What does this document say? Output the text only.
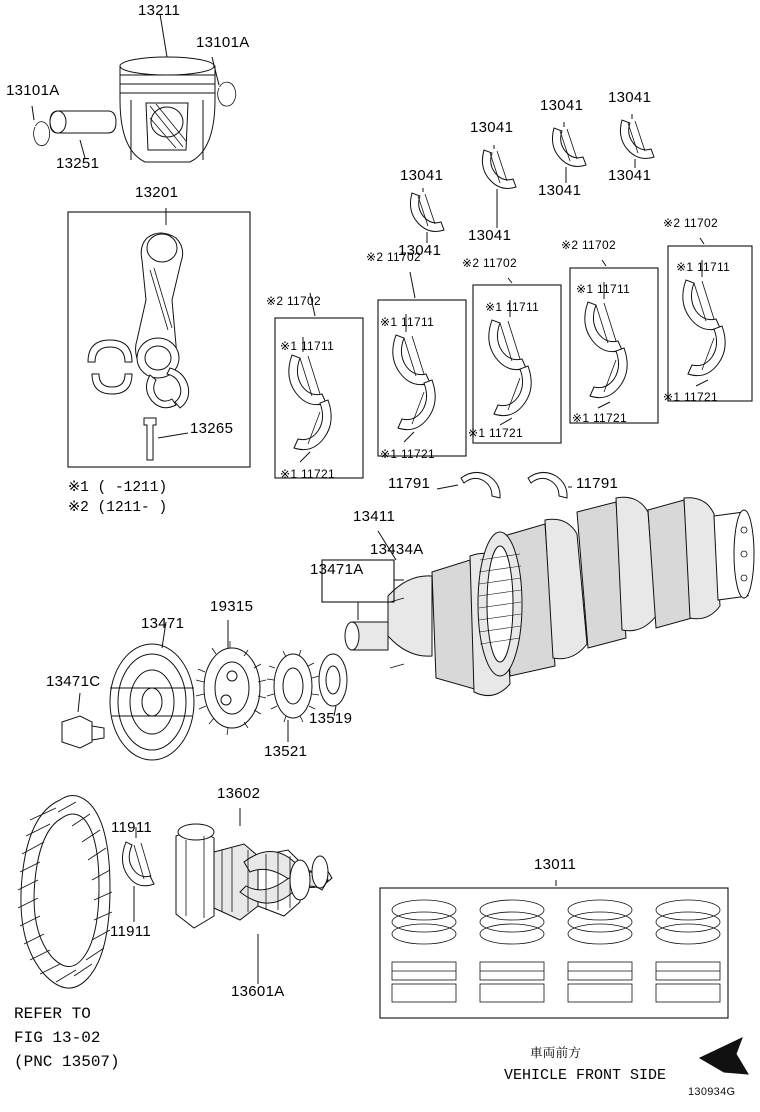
13211
13101A
13101A
13251
13201
13265
13041
13041
13041 13041
13041
13041
13041
13041
※2 11702
※1 11711
※1 11721
※2 11702
※1 11711
※1 11721
※2 11702
※1 11711
※1 11721
※2 11702
※1 11711
※1 11721
※2 11702
※1 11711
※1 11721
11791	11791
13411
13434A
13471A
13471
19315
13471C
13519
13521
13602
11911
11911
13601A
13011
※1 ( -1211)
※2 (1211- )
REFER TO
FIG 13-02
(PNC 13507)	車両前方
VEHICLE FRONT SIDE
130934G
